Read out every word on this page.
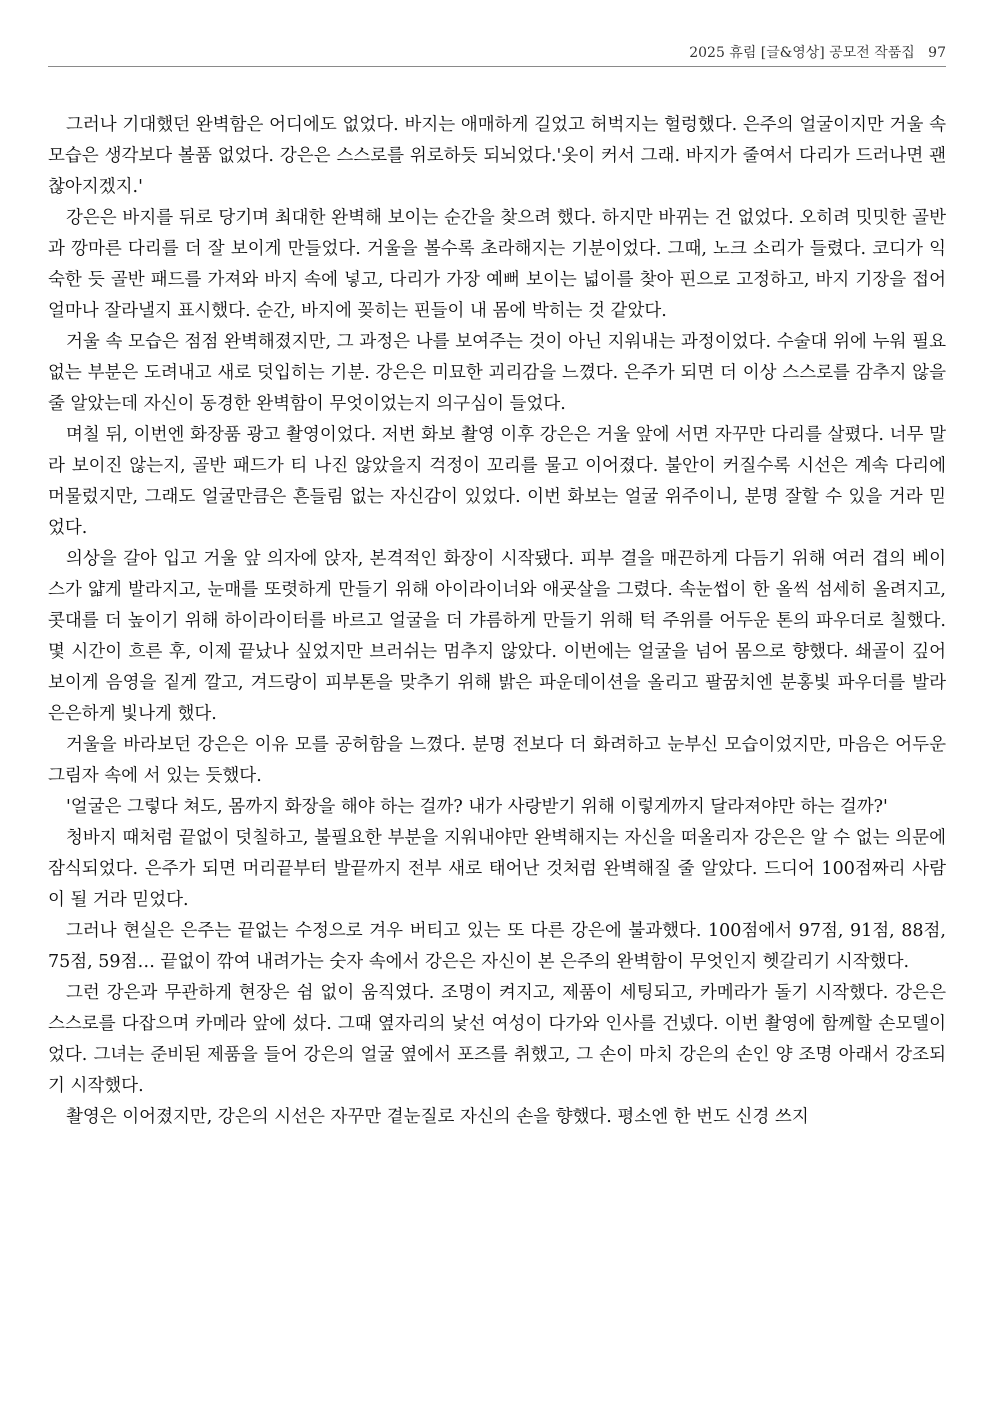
2025 휴림 [글&영상] 공모전 작품집 97

그러나 기대했던 완벽함은 어디에도 없었다. 바지는 애매하게 길었고 허벅지는 헐렁했다. 은주의 얼굴이지만 거울 속 모습은 생각보다 볼품 없었다. 강은은 스스로를 위로하듯 되뇌었다.'옷이 커서 그래. 바지가 줄여서 다리가 드러나면 괜찮아지겠지.'

강은은 바지를 뒤로 당기며 최대한 완벽해 보이는 순간을 찾으려 했다. 하지만 바뀌는 건 없었다. 오히려 밋밋한 골반과 깡마른 다리를 더 잘 보이게 만들었다. 거울을 볼수록 초라해지는 기분이었다. 그때, 노크 소리가 들렸다. 코디가 익숙한 듯 골반 패드를 가져와 바지 속에 넣고, 다리가 가장 예뻐 보이는 넓이를 찾아 핀으로 고정하고, 바지 기장을 접어 얼마나 잘라낼지 표시했다. 순간, 바지에 꽂히는 핀들이 내 몸에 박히는 것 같았다.

거울 속 모습은 점점 완벽해졌지만, 그 과정은 나를 보여주는 것이 아닌 지워내는 과정이었다. 수술대 위에 누워 필요 없는 부분은 도려내고 새로 덧입히는 기분. 강은은 미묘한 괴리감을 느꼈다. 은주가 되면 더 이상 스스로를 감추지 않을 줄 알았는데 자신이 동경한 완벽함이 무엇이었는지 의구심이 들었다.

며칠 뒤, 이번엔 화장품 광고 촬영이었다. 저번 화보 촬영 이후 강은은 거울 앞에 서면 자꾸만 다리를 살폈다. 너무 말라 보이진 않는지, 골반 패드가 티 나진 않았을지 걱정이 꼬리를 물고 이어졌다. 불안이 커질수록 시선은 계속 다리에 머물렀지만, 그래도 얼굴만큼은 흔들림 없는 자신감이 있었다. 이번 화보는 얼굴 위주이니, 분명 잘할 수 있을 거라 믿었다.

의상을 갈아 입고 거울 앞 의자에 앉자, 본격적인 화장이 시작됐다. 피부 결을 매끈하게 다듬기 위해 여러 겹의 베이스가 얇게 발라지고, 눈매를 또렷하게 만들기 위해 아이라이너와 애굣살을 그렸다. 속눈썹이 한 올씩 섬세히 올려지고, 콧대를 더 높이기 위해 하이라이터를 바르고 얼굴을 더 갸름하게 만들기 위해 턱 주위를 어두운 톤의 파우더로 칠했다. 몇 시간이 흐른 후, 이제 끝났나 싶었지만 브러쉬는 멈추지 않았다. 이번에는 얼굴을 넘어 몸으로 향했다. 쇄골이 깊어 보이게 음영을 짙게 깔고, 겨드랑이 피부톤을 맞추기 위해 밝은 파운데이션을 올리고 팔꿈치엔 분홍빛 파우더를 발라 은은하게 빛나게 했다.

거울을 바라보던 강은은 이유 모를 공허함을 느꼈다. 분명 전보다 더 화려하고 눈부신 모습이었지만, 마음은 어두운 그림자 속에 서 있는 듯했다.

'얼굴은 그렇다 쳐도, 몸까지 화장을 해야 하는 걸까? 내가 사랑받기 위해 이렇게까지 달라져야만 하는 걸까?'

청바지 때처럼 끝없이 덧칠하고, 불필요한 부분을 지워내야만 완벽해지는 자신을 떠올리자 강은은 알 수 없는 의문에 잠식되었다. 은주가 되면 머리끝부터 발끝까지 전부 새로 태어난 것처럼 완벽해질 줄 알았다. 드디어 100점짜리 사람이 될 거라 믿었다.

그러나 현실은 은주는 끝없는 수정으로 겨우 버티고 있는 또 다른 강은에 불과했다. 100점에서 97점, 91점, 88점, 75점, 59점… 끝없이 깎여 내려가는 숫자 속에서 강은은 자신이 본 은주의 완벽함이 무엇인지 헷갈리기 시작했다.

그런 강은과 무관하게 현장은 쉼 없이 움직였다. 조명이 켜지고, 제품이 세팅되고, 카메라가 돌기 시작했다. 강은은 스스로를 다잡으며 카메라 앞에 섰다. 그때 옆자리의 낯선 여성이 다가와 인사를 건넸다. 이번 촬영에 함께할 손모델이었다. 그녀는 준비된 제품을 들어 강은의 얼굴 옆에서 포즈를 취했고, 그 손이 마치 강은의 손인 양 조명 아래서 강조되기 시작했다.

촬영은 이어졌지만, 강은의 시선은 자꾸만 곁눈질로 자신의 손을 향했다. 평소엔 한 번도 신경 쓰지
